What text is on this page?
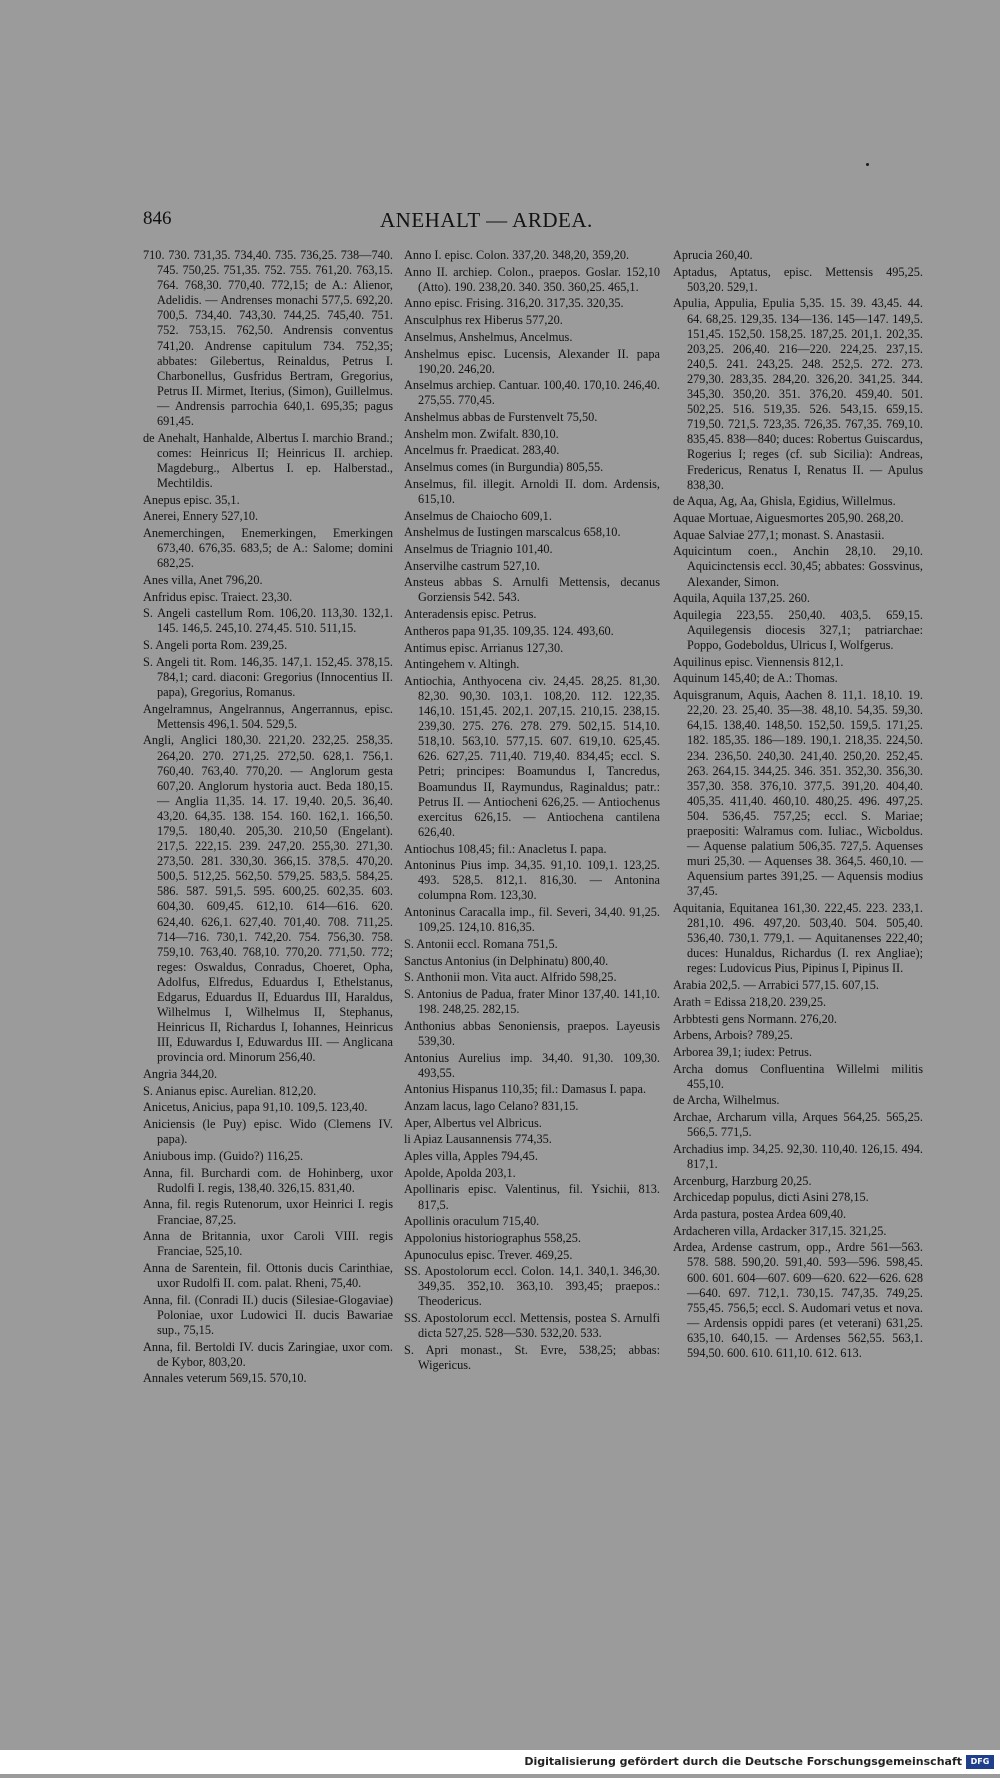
846	ANEHALT — ARDEA.
710. 730. 731,35. 734,40. 735. 736,25. 738—740. 745. 750,25. 751,35. 752. 755. 761,20. 763,15. 764. 768,30. 770,40. 772,15; de A.: Alienor, Adelidis. — Andrenses monachi 577,5. 692,20. 700,5. 734,40. 743,30. 744,25. 745,40. 751. 752. 753,15. 762,50. Andrensis conventus 741,20. Andrense capitulum 734. 752,35; abbates: Gilebertus, Reinaldus, Petrus I. Charbonellus, Gusfridus Bertram, Gregorius, Petrus II. Mirmet, Iterius, (Simon), Guillelmus. — Andrensis parrochia 640,1. 695,35; pagus 691,45.
de Anehalt, Hanhalde, Albertus I. marchio Brand.; comes: Heinricus II; Heinricus II. archiep. Magdeburg., Albertus I. ep. Halberstad., Mechtildis.
Anepus episc. 35,1.
Anerei, Ennery 527,10.
Anemerchingen, Enemerkingen, Emerkingen 673,40. 676,35. 683,5; de A.: Salome; domini 682,25.
Anes villa, Anet 796,20.
Anfridus episc. Traiect. 23,30.
S. Angeli castellum Rom. 106,20. 113,30. 132,1. 145. 146,5. 245,10. 274,45. 510. 511,15.
S. Angeli porta Rom. 239,25.
S. Angeli tit. Rom. 146,35. 147,1. 152,45. 378,15. 784,1; card. diaconi: Gregorius (Innocentius II. papa), Gregorius, Romanus.
Angelramnus, Angelrannus, Angerrannus, episc. Mettensis 496,1. 504. 529,5.
Angli, Anglici 180,30. 221,20. 232,25. 258,35. 264,20. 270. 271,25. 272,50. 628,1. 756,1. 760,40. 763,40. 770,20. — Anglorum gesta 607,20. Anglorum hystoria auct. Beda 180,15. — Anglia 11,35. 14. 17. 19,40. 20,5. 36,40. 43,20. 64,35. 138. 154. 160. 162,1. 166,50. 179,5. 180,40. 205,30. 210,50 (Engelant). 217,5. 222,15. 239. 247,20. 255,30. 271,30. 273,50. 281. 330,30. 366,15. 378,5. 470,20. 500,5. 512,25. 562,50. 579,25. 583,5. 584,25. 586. 587. 591,5. 595. 600,25. 602,35. 603. 604,30. 609,45. 612,10. 614—616. 620. 624,40. 626,1. 627,40. 701,40. 708. 711,25. 714—716. 730,1. 742,20. 754. 756,30. 758. 759,10. 763,40. 768,10. 770,20. 771,50. 772; reges: Oswaldus, Conradus, Choeret, Opha, Adolfus, Elfredus, Eduardus I, Ethelstanus, Edgarus, Eduardus II, Eduardus III, Haraldus, Wilhelmus I, Wilhelmus II, Stephanus, Heinricus II, Richardus I, Iohannes, Heinricus III, Eduwardus I, Eduwardus III. — Anglicana provincia ord. Minorum 256,40.
Angria 344,20.
S. Anianus episc. Aurelian. 812,20.
Anicetus, Anicius, papa 91,10. 109,5. 123,40.
Aniciensis (le Puy) episc. Wido (Clemens IV. papa).
Aniubous imp. (Guido?) 116,25.
Anna, fil. Burchardi com. de Hohinberg, uxor Rudolfi I. regis, 138,40. 326,15. 831,40.
Anna, fil. regis Rutenorum, uxor Heinrici I. regis Franciae, 87,25.
Anna de Britannia, uxor Caroli VIII. regis Franciae, 525,10.
Anna de Sarentein, fil. Ottonis ducis Carinthiae, uxor Rudolfi II. com. palat. Rheni, 75,40.
Anna, fil. (Conradi II.) ducis (Silesiae-Glogaviae) Poloniae, uxor Ludowici II. ducis Bawariae sup., 75,15.
Anna, fil. Bertoldi IV. ducis Zaringiae, uxor com. de Kybor, 803,20.
Annales veterum 569,15. 570,10.
Anno I. episc. Colon. 337,20. 348,20, 359,20.
Anno II. archiep. Colon., praepos. Goslar. 152,10 (Atto). 190. 238,20. 340. 350. 360,25. 465,1.
Anno episc. Frising. 316,20. 317,35. 320,35.
Ansculphus rex Hiberus 577,20.
Anselmus, Anshelmus, Ancelmus.
Anshelmus episc. Lucensis, Alexander II. papa 190,20. 246,20.
Anselmus archiep. Cantuar. 100,40. 170,10. 246,40. 275,55. 770,45.
Anshelmus abbas de Furstenvelt 75,50.
Anshelm mon. Zwifalt. 830,10.
Ancelmus fr. Praedicat. 283,40.
Anselmus comes (in Burgundia) 805,55.
Anselmus, fil. illegit. Arnoldi II. dom. Ardensis, 615,10.
Anselmus de Chaiocho 609,1.
Anshelmus de Iustingen marscalcus 658,10.
Anselmus de Triagnio 101,40.
Anservilhe castrum 527,10.
Ansteus abbas S. Arnulfi Mettensis, decanus Gorziensis 542. 543.
Anteradensis episc. Petrus.
Antheros papa 91,35. 109,35. 124. 493,60.
Antimus episc. Arrianus 127,30.
Antingehem v. Altingh.
Antiochia, Anthyocena civ. 24,45. 28,25. 81,30. 82,30. 90,30. 103,1. 108,20. 112. 122,35. 146,10. 151,45. 202,1. 207,15. 210,15. 238,15. 239,30. 275. 276. 278. 279. 502,15. 514,10. 518,10. 563,10. 577,15. 607. 619,10. 625,45. 626. 627,25. 711,40. 719,40. 834,45; eccl. S. Petri; principes: Boamundus I, Tancredus, Boamundus II, Raymundus, Raginaldus; patr.: Petrus II. — Antiocheni 626,25. — Antiochenus exercitus 626,15. — Antiochena cantilena 626,40.
Antiochus 108,45; fil.: Anacletus I. papa.
Antoninus Pius imp. 34,35. 91,10. 109,1. 123,25. 493. 528,5. 812,1. 816,30. — Antonina columpna Rom. 123,30.
Antoninus Caracalla imp., fil. Severi, 34,40. 91,25. 109,25. 124,10. 816,35.
S. Antonii eccl. Romana 751,5.
Sanctus Antonius (in Delphinatu) 800,40.
S. Anthonii mon. Vita auct. Alfrido 598,25.
S. Antonius de Padua, frater Minor 137,40. 141,10. 198. 248,25. 282,15.
Anthonius abbas Senoniensis, praepos. Layeusis 539,30.
Antonius Aurelius imp. 34,40. 91,30. 109,30. 493,55.
Antonius Hispanus 110,35; fil.: Damasus I. papa.
Anzam lacus, lago Celano? 831,15.
Aper, Albertus vel Albricus.
li Apiaz Lausannensis 774,35.
Aples villa, Apples 794,45.
Apolde, Apolda 203,1.
Apollinaris episc. Valentinus, fil. Ysichii, 813. 817,5.
Apollinis oraculum 715,40.
Appolonius historiographus 558,25.
Apunoculus episc. Trever. 469,25.
SS. Apostolorum eccl. Colon. 14,1. 340,1. 346,30. 349,35. 352,10. 363,10. 393,45; praepos.: Theodericus.
SS. Apostolorum eccl. Mettensis, postea S. Arnulfi dicta 527,25. 528—530. 532,20. 533.
S. Apri monast., St. Evre, 538,25; abbas: Wigericus.
Aprucia 260,40.
Aptadus, Aptatus, episc. Mettensis 495,25. 503,20. 529,1.
Apulia, Appulia, Epulia 5,35. 15. 39. 43,45. 44. 64. 68,25. 129,35. 134—136. 145—147. 149,5. 151,45. 152,50. 158,25. 187,25. 201,1. 202,35. 203,25. 206,40. 216—220. 224,25. 237,15. 240,5. 241. 243,25. 248. 252,5. 272. 273. 279,30. 283,35. 284,20. 326,20. 341,25. 344. 345,30. 350,20. 351. 376,20. 459,40. 501. 502,25. 516. 519,35. 526. 543,15. 659,15. 719,50. 721,5. 723,35. 726,35. 767,35. 769,10. 835,45. 838—840; duces: Robertus Guiscardus, Rogerius I; reges (cf. sub Sicilia): Andreas, Fredericus, Renatus I, Renatus II. — Apulus 838,30.
de Aqua, Ag, Aa, Ghisla, Egidius, Willelmus.
Aquae Mortuae, Aiguesmortes 205,90. 268,20.
Aquae Salviae 277,1; monast. S. Anastasii.
Aquicintum coen., Anchin 28,10. 29,10. Aquicinctensis eccl. 30,45; abbates: Gossvinus, Alexander, Simon.
Aquila, Aquila 137,25. 260.
Aquilegia 223,55. 250,40. 403,5. 659,15. Aquilegensis diocesis 327,1; patriarchae: Poppo, Godeboldus, Ulricus I, Wolfgerus.
Aquilinus episc. Viennensis 812,1.
Aquinum 145,40; de A.: Thomas.
Aquisgranum, Aquis, Aachen 8. 11,1. 18,10. 19. 22,20. 23. 25,40. 35—38. 48,10. 54,35. 59,30. 64,15. 138,40. 148,50. 152,50. 159,5. 171,25. 182. 185,35. 186—189. 190,1. 218,35. 224,50. 234. 236,50. 240,30. 241,40. 250,20. 252,45. 263. 264,15. 344,25. 346. 351. 352,30. 356,30. 357,30. 358. 376,10. 377,5. 391,20. 404,40. 405,35. 411,40. 460,10. 480,25. 496. 497,25. 504. 536,45. 757,25; eccl. S. Mariae; praepositi: Walramus com. Iuliac., Wicboldus. — Aquense palatium 506,35. 727,5. Aquenses muri 25,30. — Aquenses 38. 364,5. 460,10. — Aquensium partes 391,25. — Aquensis modius 37,45.
Aquitania, Equitanea 161,30. 222,45. 223. 233,1. 281,10. 496. 497,20. 503,40. 504. 505,40. 536,40. 730,1. 779,1. — Aquitanenses 222,40; duces: Hunaldus, Richardus (I. rex Angliae); reges: Ludovicus Pius, Pipinus I, Pipinus II.
Arabia 202,5. — Arrabici 577,15. 607,15.
Arath = Edissa 218,20. 239,25.
Arbbtesti gens Normann. 276,20.
Arbens, Arbois? 789,25.
Arborea 39,1; iudex: Petrus.
Archa domus Confluentina Willelmi militis 455,10.
de Archa, Wilhelmus.
Archae, Archarum villa, Arques 564,25. 565,25. 566,5. 771,5.
Archadius imp. 34,25. 92,30. 110,40. 126,15. 494. 817,1.
Arcenburg, Harzburg 20,25.
Archicedap populus, dicti Asini 278,15.
Arda pastura, postea Ardea 609,40.
Ardacheren villa, Ardacker 317,15. 321,25.
Ardea, Ardense castrum, opp., Ardre 561—563. 578. 588. 590,20. 591,40. 593—596. 598,45. 600. 601. 604—607. 609—620. 622—626. 628—640. 697. 712,1. 730,15. 747,35. 749,25. 755,45. 756,5; eccl. S. Audomari vetus et nova. — Ardensis oppidi pares (et veterani) 631,25. 635,10. 640,15. — Ardenses 562,55. 563,1. 594,50. 600. 610. 611,10. 612. 613.
Digitalisierung gefördert durch die Deutsche Forschungsgemeinschaft	DFG
